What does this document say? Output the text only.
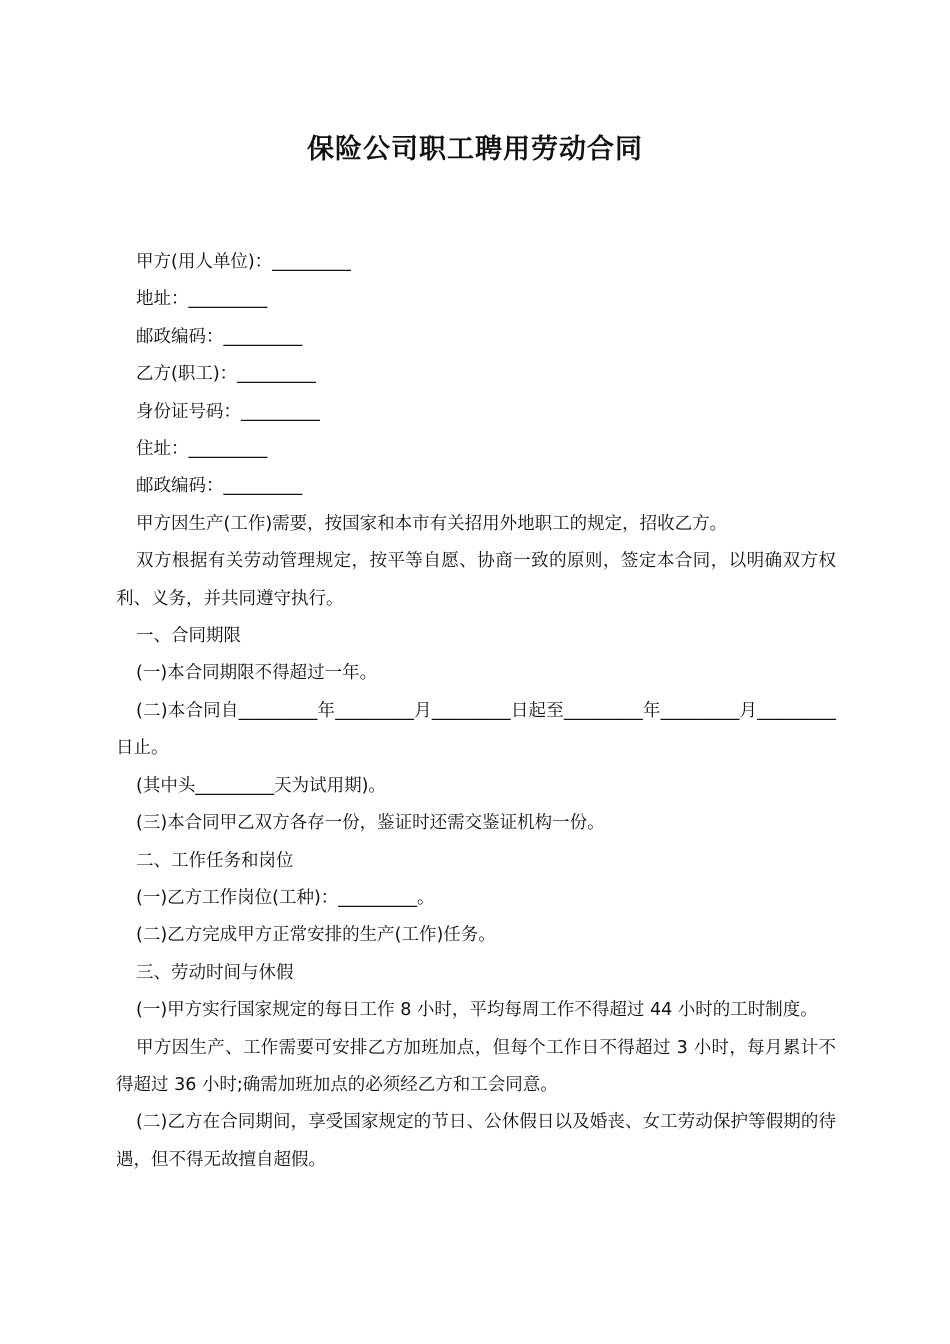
保险公司职工聘用劳动合同

甲方(用人单位)：_________

地址：_________

邮政编码：_________

乙方(职工)：_________

身份证号码：_________

住址：_________

邮政编码：_________

甲方因生产(工作)需要，按国家和本市有关招用外地职工的规定，招收乙方。

双方根据有关劳动管理规定，按平等自愿、协商一致的原则，签定本合同，以明确双方权利、义务，并共同遵守执行。

一、合同期限

(一)本合同期限不得超过一年。

(二)本合同自_________年_________月_________日起至_________年_________月_________日止。

(其中头_________天为试用期)。

(三)本合同甲乙双方各存一份，鉴证时还需交鉴证机构一份。

二、工作任务和岗位

(一)乙方工作岗位(工种)：_________。

(二)乙方完成甲方正常安排的生产(工作)任务。

三、劳动时间与休假

(一)甲方实行国家规定的每日工作 8 小时，平均每周工作不得超过 44 小时的工时制度。

甲方因生产、工作需要可安排乙方加班加点，但每个工作日不得超过 3 小时，每月累计不得超过 36 小时;确需加班加点的必须经乙方和工会同意。

(二)乙方在合同期间，享受国家规定的节日、公休假日以及婚丧、女工劳动保护等假期的待遇，但不得无故擅自超假。
